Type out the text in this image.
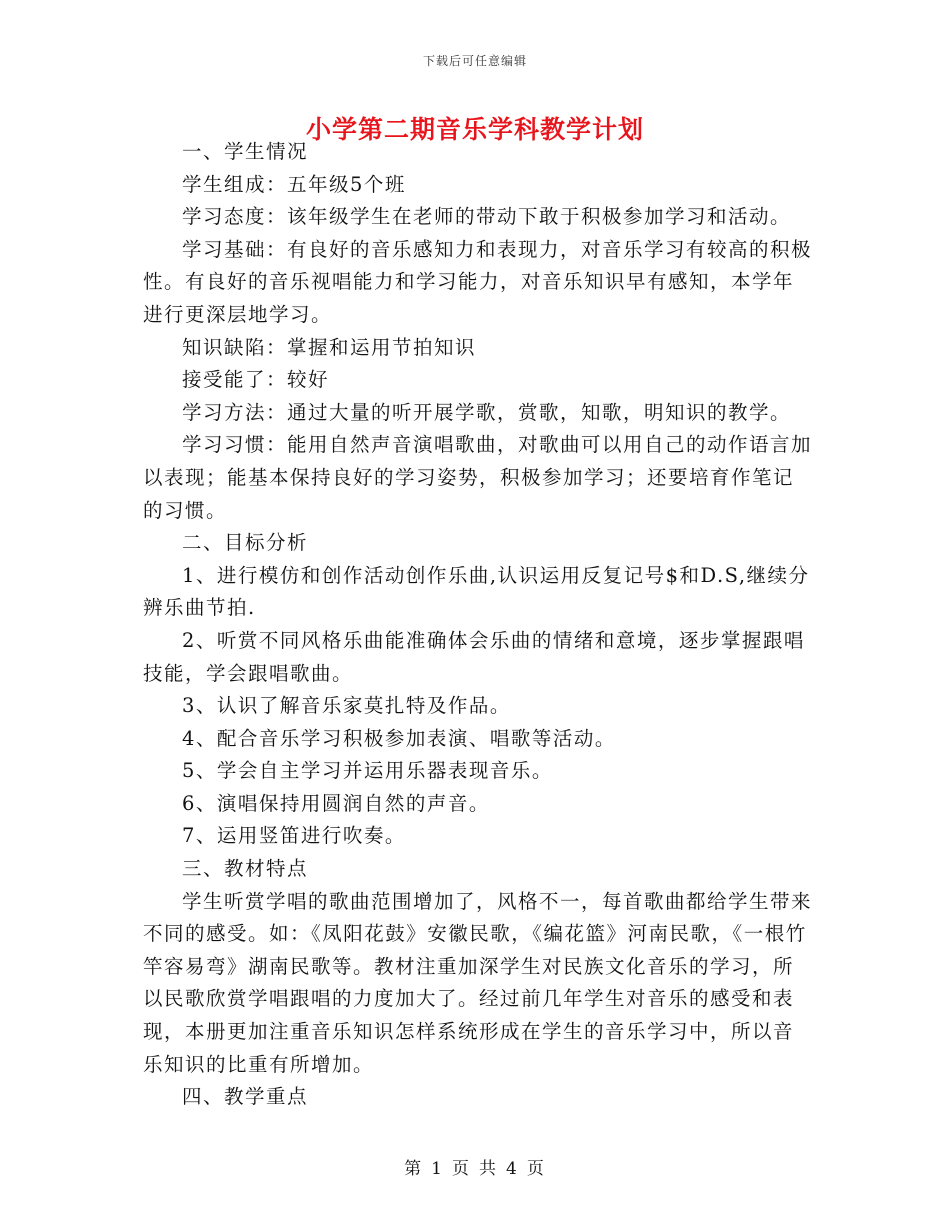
下载后可任意编辑
小学第二期音乐学科教学计划

一、学生情况

学生组成：五年级5个班

学习态度：该年级学生在老师的带动下敢于积极参加学习和活动。

学习基础：有良好的音乐感知力和表现力，对音乐学习有较高的积极性。有良好的音乐视唱能力和学习能力，对音乐知识早有感知，本学年进行更深层地学习。

知识缺陷：掌握和运用节拍知识

接受能了：较好

学习方法：通过大量的听开展学歌，赏歌，知歌，明知识的教学。

学习习惯：能用自然声音演唱歌曲，对歌曲可以用自己的动作语言加以表现；能基本保持良好的学习姿势，积极参加学习；还要培育作笔记的习惯。

二、目标分析

1、进行模仿和创作活动创作乐曲,认识运用反复记号$和D.S,继续分辨乐曲节拍.

2、听赏不同风格乐曲能准确体会乐曲的情绪和意境，逐步掌握跟唱技能，学会跟唱歌曲。

3、认识了解音乐家莫扎特及作品。

4、配合音乐学习积极参加表演、唱歌等活动。

5、学会自主学习并运用乐器表现音乐。

6、演唱保持用圆润自然的声音。

7、运用竖笛进行吹奏。

三、教材特点

学生听赏学唱的歌曲范围增加了，风格不一，每首歌曲都给学生带来不同的感受。如：《凤阳花鼓》安徽民歌，《编花篮》河南民歌，《一根竹竿容易弯》湖南民歌等。教材注重加深学生对民族文化音乐的学习，所以民歌欣赏学唱跟唱的力度加大了。经过前几年学生对音乐的感受和表现，本册更加注重音乐知识怎样系统形成在学生的音乐学习中，所以音乐知识的比重有所增加。

四、教学重点

第 1 页 共 4 页
